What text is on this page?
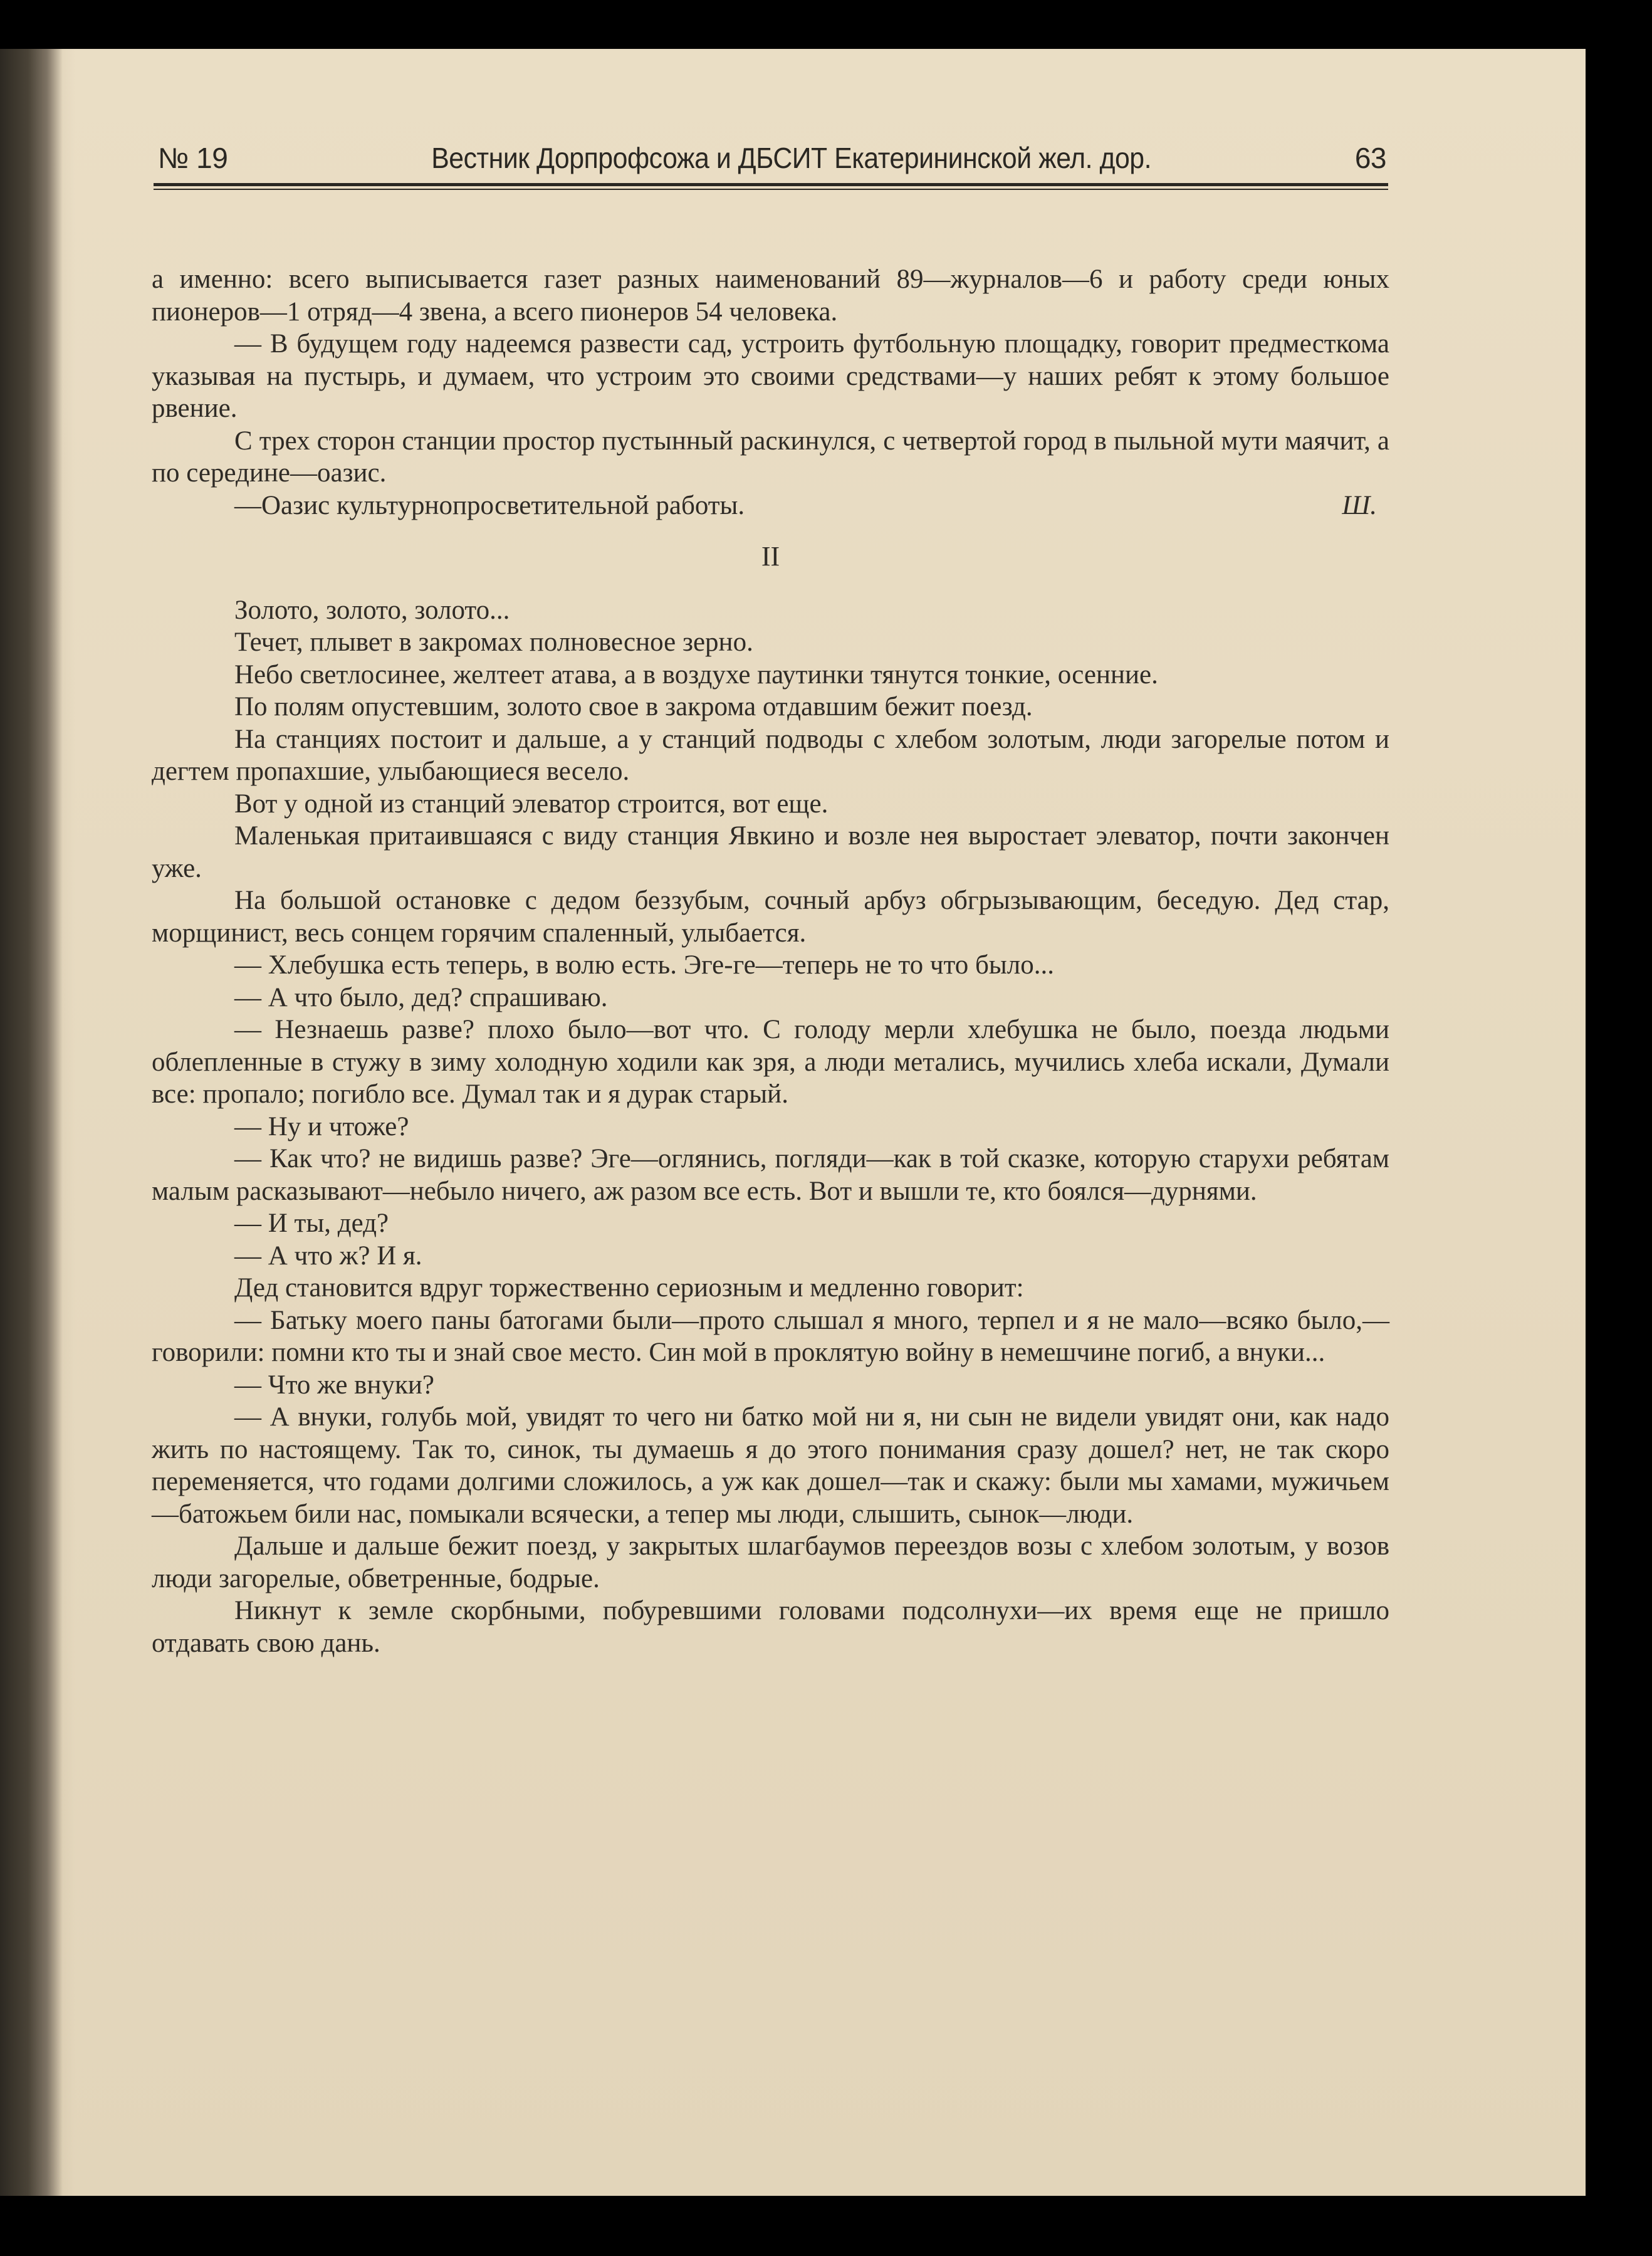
№ 19	Вестник Дорпрофсожа и ДБСИТ Екатерининской жел. дор.	63

а именно: всего выписывается газет разных наименований 89—журналов—6 и работу среди юных пионеров—1 отряд—4 звена, а всего пионеров 54 человека.

— В будущем году надеемся развести сад, устроить футбольную площадку, говорит предместкома указывая на пустырь, и думаем, что устроим это своими средствами—у наших ребят к этому большое рвение.

С трех сторон станции простор пустынный раскинулся, с четвертой город в пыльной мути маячит, а по середине—оазис.

—Оазис культурнопросветительной работы.	Ш.
II

Золото, золото, золото...

Течет, плывет в закромах полновесное зерно.

Небо светлосинее, желтеет атава, а в воздухе паутинки тянутся тонкие, осенние.

По полям опустевшим, золото свое в закрома отдавшим бежит поезд.

На станциях постоит и дальше, а у станций подводы с хлебом золотым, люди загорелые потом и дегтем пропахшие, улыбающиеся весело.

Вот у одной из станций элеватор строится, вот еще.

Маленькая притаившаяся с виду станция Явкино и возле нея выростает элеватор, почти закончен уже.

На большой остановке с дедом беззубым, сочный арбуз обгрызывающим, беседую. Дед стар, морщинист, весь сонцем горячим спаленный, улыбается.

— Хлебушка есть теперь, в волю есть. Эге-ге—теперь не то что было...

— А что было, дед? спрашиваю.

— Незнаешь разве? плохо было—вот что. С голоду мерли хлебушка не было, поезда людьми облепленные в стужу в зиму холодную ходили как зря, а люди метались, мучились хлеба искали, Думали все: пропало; погибло все. Думал так и я дурак старый.

— Ну и чтоже?

— Как что? не видишь разве? Эге—оглянись, погляди—как в той сказке, которую старухи ребятам малым расказывают—небыло ничего, аж разом все есть. Вот и вышли те, кто боялся—дурнями.

— И ты, дед?

— А что ж? И я.

Дед становится вдруг торжественно сериозным и медленно говорит:

— Батьку моего паны батогами были—прото слышал я много, терпел и я не мало—всяко было,—говорили: помни кто ты и знай свое место. Син мой в проклятую войну в немешчине погиб, а внуки...

— Что же внуки?

— А внуки, голубь мой, увидят то чего ни батко мой ни я, ни сын не видели увидят они, как надо жить по настоящему. Так то, синок, ты думаешь я до этого понимания сразу дошел? нет, не так скоро переменяется, что годами долгими сложилось, а уж как дошел—так и скажу: были мы хамами, мужичьем—батожьем били нас, помыкали всячески, а тепер мы люди, слышить, сынок—люди.

Дальше и дальше бежит поезд, у закрытых шлагбаумов переездов возы с хлебом золотым, у возов люди загорелые, обветренные, бодрые.

Никнут к земле скорбными, побуревшими головами подсолнухи—их время еще не пришло отдавать свою дань.
